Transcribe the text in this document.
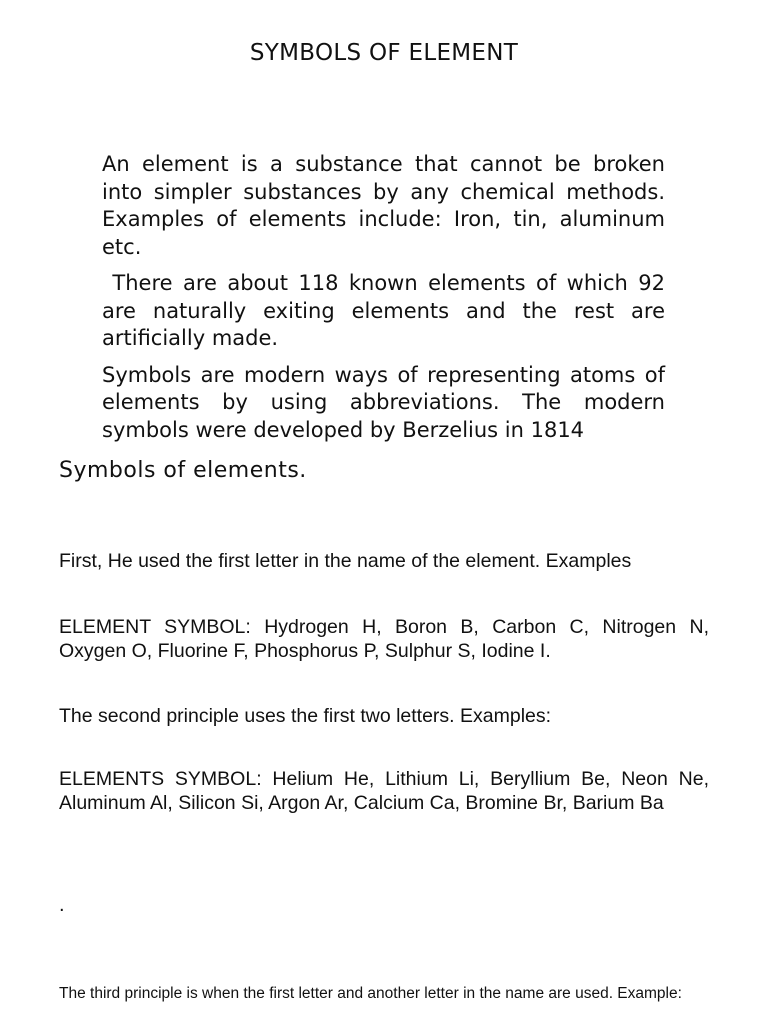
SYMBOLS OF ELEMENT

An element is a substance that cannot be broken into simpler substances by any chemical methods. Examples of elements include: Iron, tin, aluminum etc.

There are about 118 known elements of which 92 are naturally exiting elements and the rest are artificially made.

Symbols are modern ways of representing atoms of elements by using abbreviations. The modern symbols were developed by Berzelius in 1814

Symbols of elements.

First, He used the first letter in the name of the element. Examples

ELEMENT SYMBOL: Hydrogen H, Boron B, Carbon C, Nitrogen N, Oxygen O, Fluorine F, Phosphorus P, Sulphur S, Iodine I.

The second principle uses the first two letters. Examples:

ELEMENTS SYMBOL: Helium He, Lithium Li, Beryllium Be, Neon Ne, Aluminum Al, Silicon Si, Argon Ar, Calcium Ca, Bromine Br, Barium Ba

.

The third principle is when the first letter and another letter in the name are used. Example:
